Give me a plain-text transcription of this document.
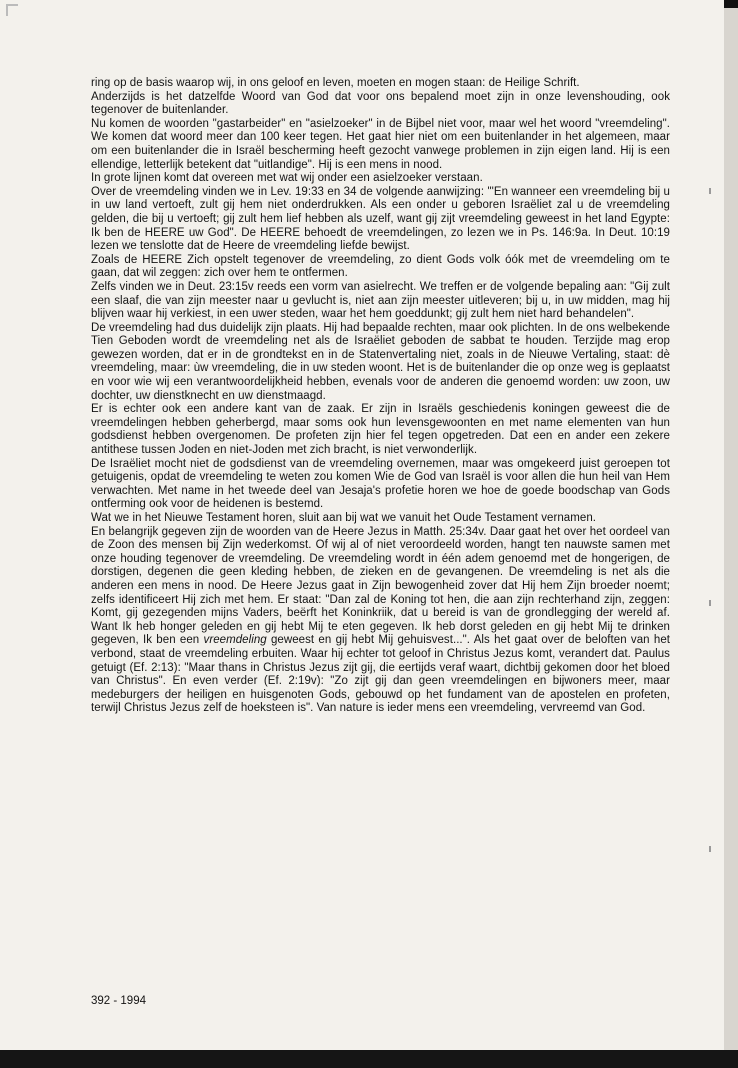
ring op de basis waarop wij, in ons geloof en leven, moeten en mogen staan: de Heilige Schrift.

Anderzijds is het datzelfde Woord van God dat voor ons bepalend moet zijn in onze levenshouding, ook tegenover de buitenlander.

Nu komen de woorden "gastarbeider" en "asielzoeker" in de Bijbel niet voor, maar wel het woord "vreemdeling". We komen dat woord meer dan 100 keer tegen. Het gaat hier niet om een buitenlander in het algemeen, maar om een buitenlander die in Israël bescherming heeft gezocht vanwege problemen in zijn eigen land. Hij is een ellendige, letterlijk betekent dat "uitlandige". Hij is een mens in nood.

In grote lijnen komt dat overeen met wat wij onder een asielzoeker verstaan.

Over de vreemdeling vinden we in Lev. 19:33 en 34 de volgende aanwijzing: "'En wanneer een vreemdeling bij u in uw land vertoeft, zult gij hem niet onderdrukken. Als een onder u geboren Israëliet zal u de vreemdeling gelden, die bij u vertoeft; gij zult hem lief hebben als uzelf, want gij zijt vreemdeling geweest in het land Egypte: Ik ben de HEERE uw God". De HEERE behoedt de vreemdelingen, zo lezen we in Ps. 146:9a. In Deut. 10:19 lezen we tenslotte dat de Heere de vreemdeling liefde bewijst.

Zoals de HEERE Zich opstelt tegenover de vreemdeling, zo dient Gods volk óók met de vreemdeling om te gaan, dat wil zeggen: zich over hem te ontfermen.

Zelfs vinden we in Deut. 23:15v reeds een vorm van asielrecht. We treffen er de volgende bepaling aan: "Gij zult een slaaf, die van zijn meester naar u gevlucht is, niet aan zijn meester uitleveren; bij u, in uw midden, mag hij blijven waar hij verkiest, in een uwer steden, waar het hem goeddunkt; gij zult hem niet hard behandelen".

De vreemdeling had dus duidelijk zijn plaats. Hij had bepaalde rechten, maar ook plichten. In de ons welbekende Tien Geboden wordt de vreemdeling net als de Israëliet geboden de sabbat te houden. Terzijde mag erop gewezen worden, dat er in de grondtekst en in de Statenvertaling niet, zoals in de Nieuwe Vertaling, staat: dè vreemdeling, maar: ùw vreemdeling, die in uw steden woont. Het is de buitenlander die op onze weg is geplaatst en voor wie wij een verantwoordelijkheid hebben, evenals voor de anderen die genoemd worden: uw zoon, uw dochter, uw dienstknecht en uw dienstmaagd.

Er is echter ook een andere kant van de zaak. Er zijn in Israëls geschiedenis koningen geweest die de vreemdelingen hebben geherbergd, maar soms ook hun levensgewoonten en met name elementen van hun godsdienst hebben overgenomen. De profeten zijn hier fel tegen opgetreden. Dat een en ander een zekere antithese tussen Joden en niet-Joden met zich bracht, is niet verwonderlijk.

De Israëliet mocht niet de godsdienst van de vreemdeling overnemen, maar was omgekeerd juist geroepen tot getuigenis, opdat de vreemdeling te weten zou komen Wie de God van Israël is voor allen die hun heil van Hem verwachten. Met name in het tweede deel van Jesaja's profetie horen we hoe de goede boodschap van Gods ontferming ook voor de heidenen is bestemd.

Wat we in het Nieuwe Testament horen, sluit aan bij wat we vanuit het Oude Testament vernamen.

En belangrijk gegeven zijn de woorden van de Heere Jezus in Matth. 25:34v. Daar gaat het over het oordeel van de Zoon des mensen bij Zijn wederkomst. Of wij al of niet veroordeeld worden, hangt ten nauwste samen met onze houding tegenover de vreemdeling. De vreemdeling wordt in één adem genoemd met de hongerigen, de dorstigen, degenen die geen kleding hebben, de zieken en de gevangenen. De vreemdeling is net als die anderen een mens in nood. De Heere Jezus gaat in Zijn bewogenheid zover dat Hij hem Zijn broeder noemt; zelfs identificeert Hij zich met hem. Er staat: "Dan zal de Koning tot hen, die aan zijn rechterhand zijn, zeggen: Komt, gij gezegenden mijns Vaders, beërft het Koninkriik, dat u bereid is van de grondlegging der wereld af. Want Ik heb honger geleden en gij hebt Mij te eten gegeven. Ik heb dorst geleden en gij hebt Mij te drinken gegeven, Ik ben een vreemdeling geweest en gij hebt Mij gehuisvest...". Als het gaat over de beloften van het verbond, staat de vreemdeling erbuiten. Waar hij echter tot geloof in Christus Jezus komt, verandert dat. Paulus getuigt (Ef. 2:13): "Maar thans in Christus Jezus zijt gij, die eertijds veraf waart, dichtbij gekomen door het bloed van Christus". En even verder (Ef. 2:19v): "Zo zijt gij dan geen vreemdelingen en bijwoners meer, maar medeburgers der heiligen en huisgenoten Gods, gebouwd op het fundament van de apostelen en profeten, terwijl Christus Jezus zelf de hoeksteen is". Van nature is ieder mens een vreemdeling, vervreemd van God.

392 - 1994
